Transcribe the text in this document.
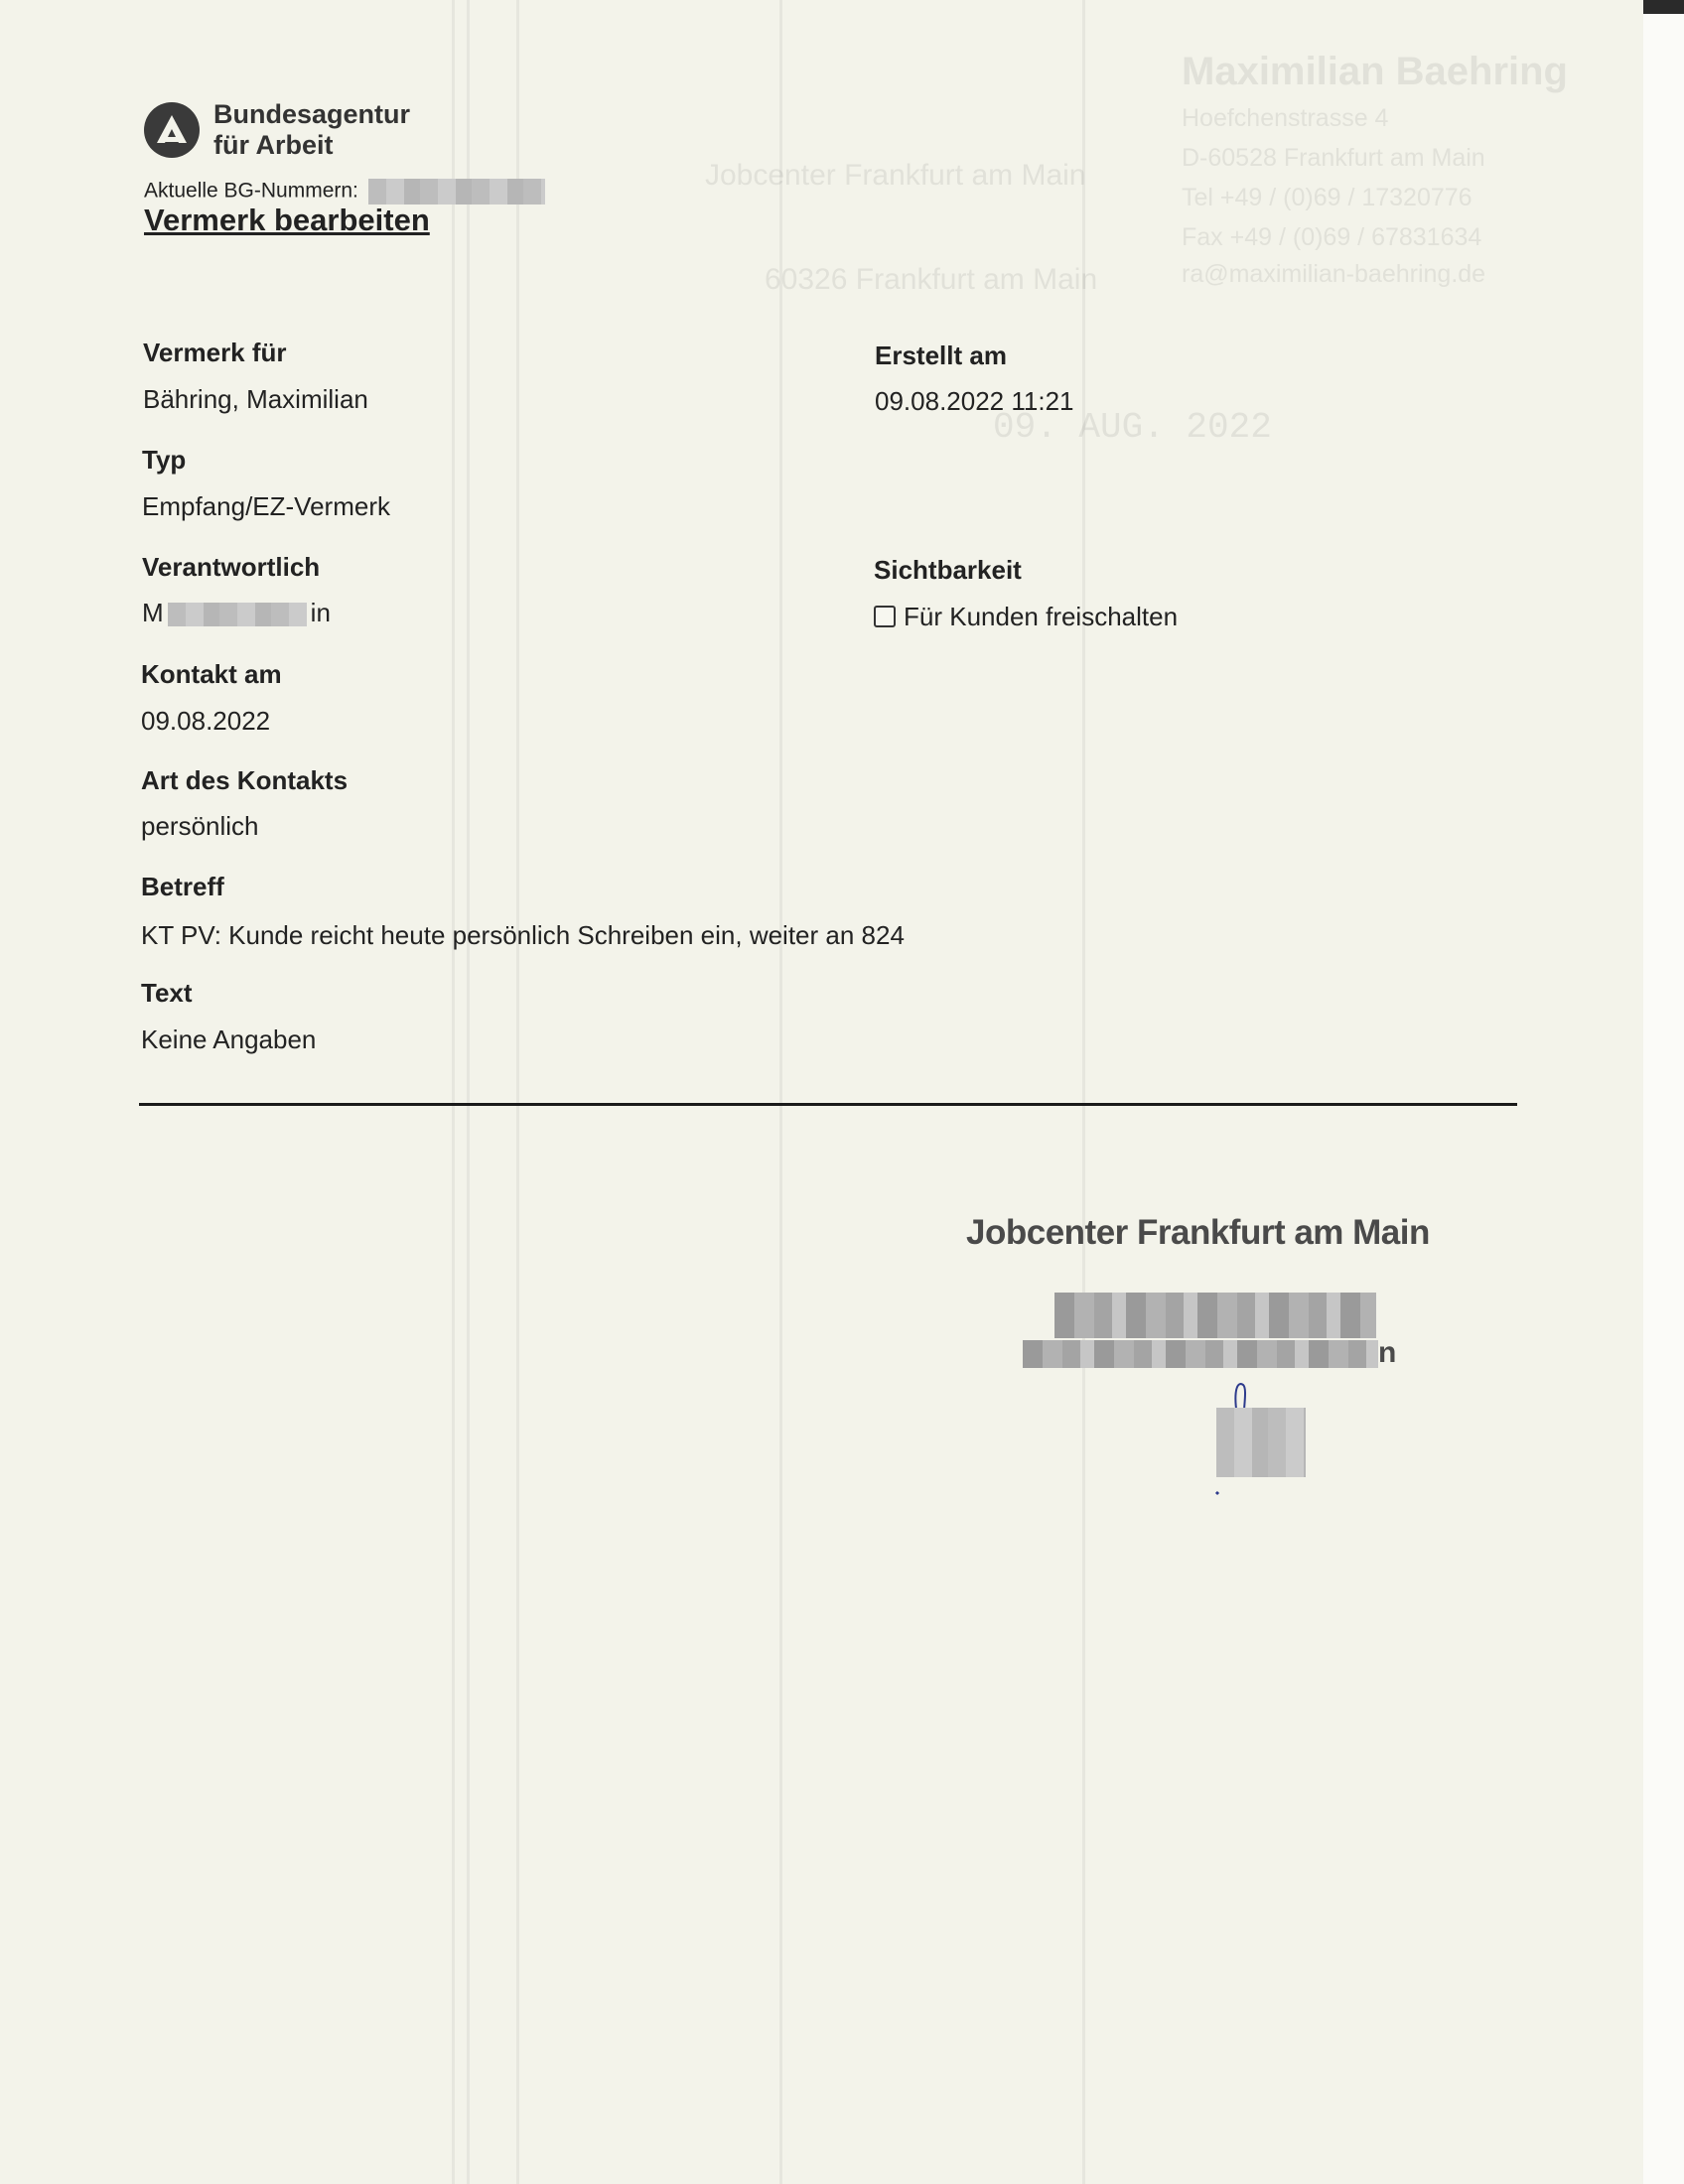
Maximilian Baehring
Hoefchenstrasse 4
D-60528 Frankfurt am Main
Tel +49 / (0)69 / 17320776
Fax +49 / (0)69 / 67831634
ra@maximilian-baehring.de
Jobcenter Frankfurt am Main
60326 Frankfurt am Main
09. AUG. 2022
Bundesagentur
für Arbeit
Aktuelle BG-Nummern:
Vermerk bearbeiten
Vermerk für
Bähring, Maximilian
Typ
Empfang/EZ-Vermerk
Verantwortlich
M	in
Kontakt am
09.08.2022
Art des Kontakts
persönlich
Betreff
KT PV: Kunde reicht heute persönlich Schreiben ein, weiter an 824
Text
Keine Angaben
Erstellt am
09.08.2022 11:21
Sichtbarkeit
Für Kunden freischalten
Jobcenter Frankfurt am Main
n
